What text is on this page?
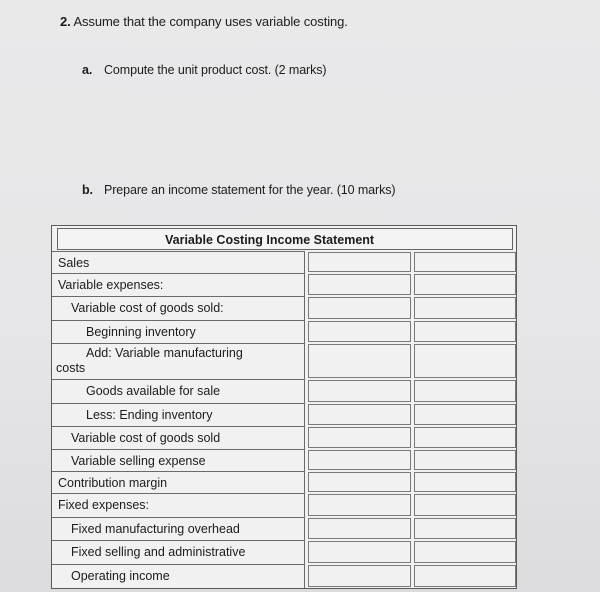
2. Assume that the company uses variable costing.
a. Compute the unit product cost. (2 marks)
b. Prepare an income statement for the year. (10 marks)
Variable Costing Income Statement
Sales
Variable expenses:
Variable cost of goods sold:
Beginning inventory
Add: Variable manufacturing
costs
Goods available for sale
Less: Ending inventory
Variable cost of goods sold
Variable selling expense
Contribution margin
Fixed expenses:
Fixed manufacturing overhead
Fixed selling and administrative
Operating income
